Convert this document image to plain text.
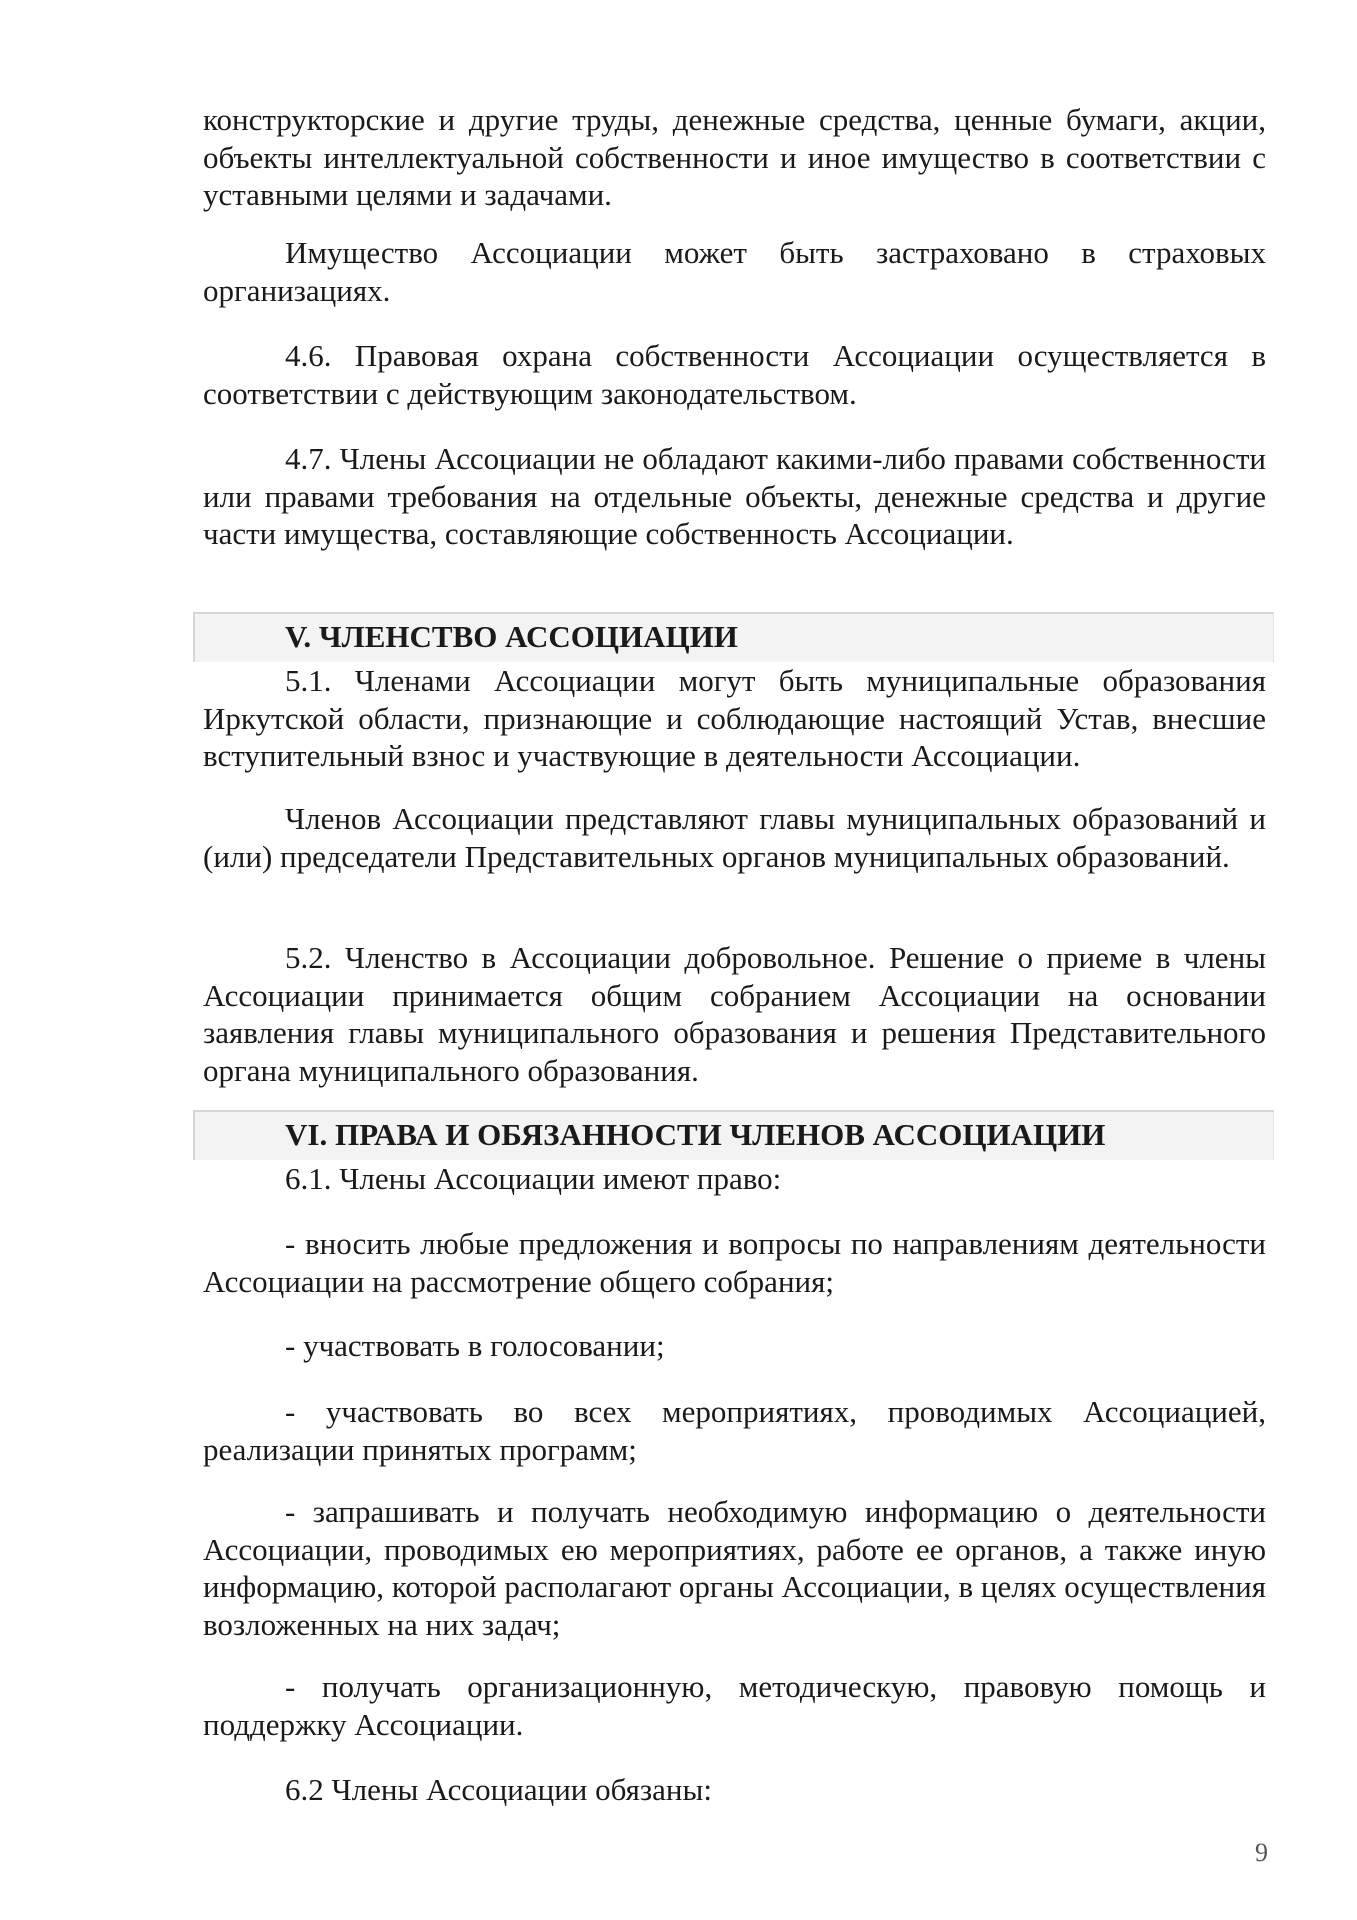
конструкторские и другие труды, денежные средства, ценные бумаги, акции, объекты интеллектуальной собственности и иное имущество в соответствии с уставными целями и задачами.

Имущество Ассоциации может быть застраховано в страховых организациях.

4.6. Правовая охрана собственности Ассоциации осуществляется в соответствии с действующим законодательством.

4.7. Члены Ассоциации не обладают какими-либо правами собственности или правами требования на отдельные объекты, денежные средства и другие части имущества, составляющие собственность Ассоциации.

V. ЧЛЕНСТВО АССОЦИАЦИИ

5.1. Членами Ассоциации могут быть муниципальные образования Иркутской области, признающие и соблюдающие настоящий Устав, внесшие вступительный взнос и участвующие в деятельности Ассоциации.

Членов Ассоциации представляют главы муниципальных образований и (или) председатели Представительных органов муниципальных образований.

5.2. Членство в Ассоциации добровольное. Решение о приеме в члены Ассоциации принимается общим собранием Ассоциации на основании заявления главы муниципального образования и решения Представительного органа муниципального образования.

VI. ПРАВА И ОБЯЗАННОСТИ ЧЛЕНОВ АССОЦИАЦИИ

6.1. Члены Ассоциации имеют право:

- вносить любые предложения и вопросы по направлениям деятельности Ассоциации на рассмотрение общего собрания;

- участвовать в голосовании;

- участвовать во всех мероприятиях, проводимых Ассоциацией, реализации принятых программ;

- запрашивать и получать необходимую информацию о деятельности Ассоциации, проводимых ею мероприятиях, работе ее органов, а также иную информацию, которой располагают органы Ассоциации, в целях осуществления возложенных на них задач;

- получать организационную, методическую, правовую помощь и поддержку Ассоциации.

6.2 Члены Ассоциации обязаны:

9
